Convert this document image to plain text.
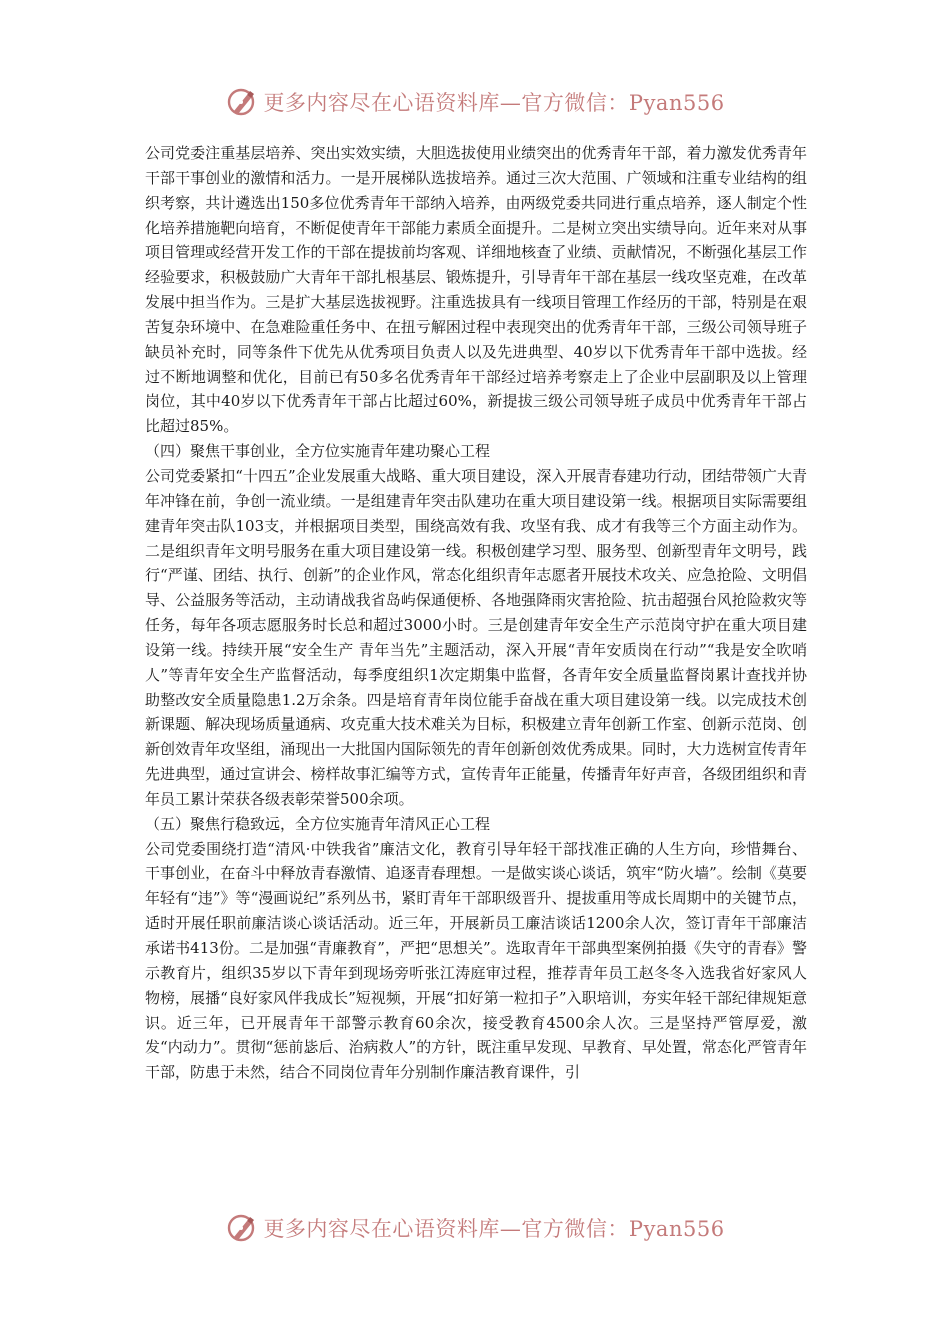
更多内容尽在心语资料库—官方微信：Pyan556

公司党委注重基层培养、突出实效实绩，大胆选拔使用业绩突出的优秀青年干部，着力激发优秀青年干部干事创业的激情和活力。一是开展梯队选拔培养。通过三次大范围、广领域和注重专业结构的组织考察，共计遴选出150多位优秀青年干部纳入培养，由两级党委共同进行重点培养，逐人制定个性化培养措施靶向培育，不断促使青年干部能力素质全面提升。二是树立突出实绩导向。近年来对从事项目管理或经营开发工作的干部在提拔前均客观、详细地核查了业绩、贡献情况，不断强化基层工作经验要求，积极鼓励广大青年干部扎根基层、锻炼提升，引导青年干部在基层一线攻坚克难，在改革发展中担当作为。三是扩大基层选拔视野。注重选拔具有一线项目管理工作经历的干部，特别是在艰苦复杂环境中、在急难险重任务中、在扭亏解困过程中表现突出的优秀青年干部，三级公司领导班子缺员补充时，同等条件下优先从优秀项目负责人以及先进典型、40岁以下优秀青年干部中选拔。经过不断地调整和优化，目前已有50多名优秀青年干部经过培养考察走上了企业中层副职及以上管理岗位，其中40岁以下优秀青年干部占比超过60%，新提拔三级公司领导班子成员中优秀青年干部占比超过85%。

（四）聚焦干事创业，全方位实施青年建功聚心工程

公司党委紧扣“十四五”企业发展重大战略、重大项目建设，深入开展青春建功行动，团结带领广大青年冲锋在前，争创一流业绩。一是组建青年突击队建功在重大项目建设第一线。根据项目实际需要组建青年突击队103支，并根据项目类型，围绕高效有我、攻坚有我、成才有我等三个方面主动作为。二是组织青年文明号服务在重大项目建设第一线。积极创建学习型、服务型、创新型青年文明号，践行“严谨、团结、执行、创新”的企业作风，常态化组织青年志愿者开展技术攻关、应急抢险、文明倡导、公益服务等活动，主动请战我省岛屿保通便桥、各地强降雨灾害抢险、抗击超强台风抢险救灾等任务，每年各项志愿服务时长总和超过3000小时。三是创建青年安全生产示范岗守护在重大项目建设第一线。持续开展“安全生产 青年当先”主题活动，深入开展“青年安质岗在行动”“我是安全吹哨人”等青年安全生产监督活动，每季度组织1次定期集中监督，各青年安全质量监督岗累计查找并协助整改安全质量隐患1.2万余条。四是培育青年岗位能手奋战在重大项目建设第一线。以完成技术创新课题、解决现场质量通病、攻克重大技术难关为目标，积极建立青年创新工作室、创新示范岗、创新创效青年攻坚组，涌现出一大批国内国际领先的青年创新创效优秀成果。同时，大力选树宣传青年先进典型，通过宣讲会、榜样故事汇编等方式，宣传青年正能量，传播青年好声音，各级团组织和青年员工累计荣获各级表彰荣誉500余项。

（五）聚焦行稳致远，全方位实施青年清风正心工程

公司党委围绕打造“清风·中铁我省”廉洁文化，教育引导年轻干部找准正确的人生方向，珍惜舞台、干事创业，在奋斗中释放青春激情、追逐青春理想。一是做实谈心谈话，筑牢“防火墙”。绘制《莫要年轻有“违”》等“漫画说纪”系列丛书，紧盯青年干部职级晋升、提拔重用等成长周期中的关键节点，适时开展任职前廉洁谈心谈话活动。近三年，开展新员工廉洁谈话1200余人次，签订青年干部廉洁承诺书413份。二是加强“青廉教育”，严把“思想关”。选取青年干部典型案例拍摄《失守的青春》警示教育片，组织35岁以下青年到现场旁听张江涛庭审过程，推荐青年员工赵冬冬入选我省好家风人物榜，展播“良好家风伴我成长”短视频，开展“扣好第一粒扣子”入职培训，夯实年轻干部纪律规矩意识。近三年，已开展青年干部警示教育60余次，接受教育4500余人次。三是坚持严管厚爱，激发“内动力”。贯彻“惩前毖后、治病救人”的方针，既注重早发现、早教育、早处置，常态化严管青年干部，防患于未然，结合不同岗位青年分别制作廉洁教育课件，引

更多内容尽在心语资料库—官方微信：Pyan556
